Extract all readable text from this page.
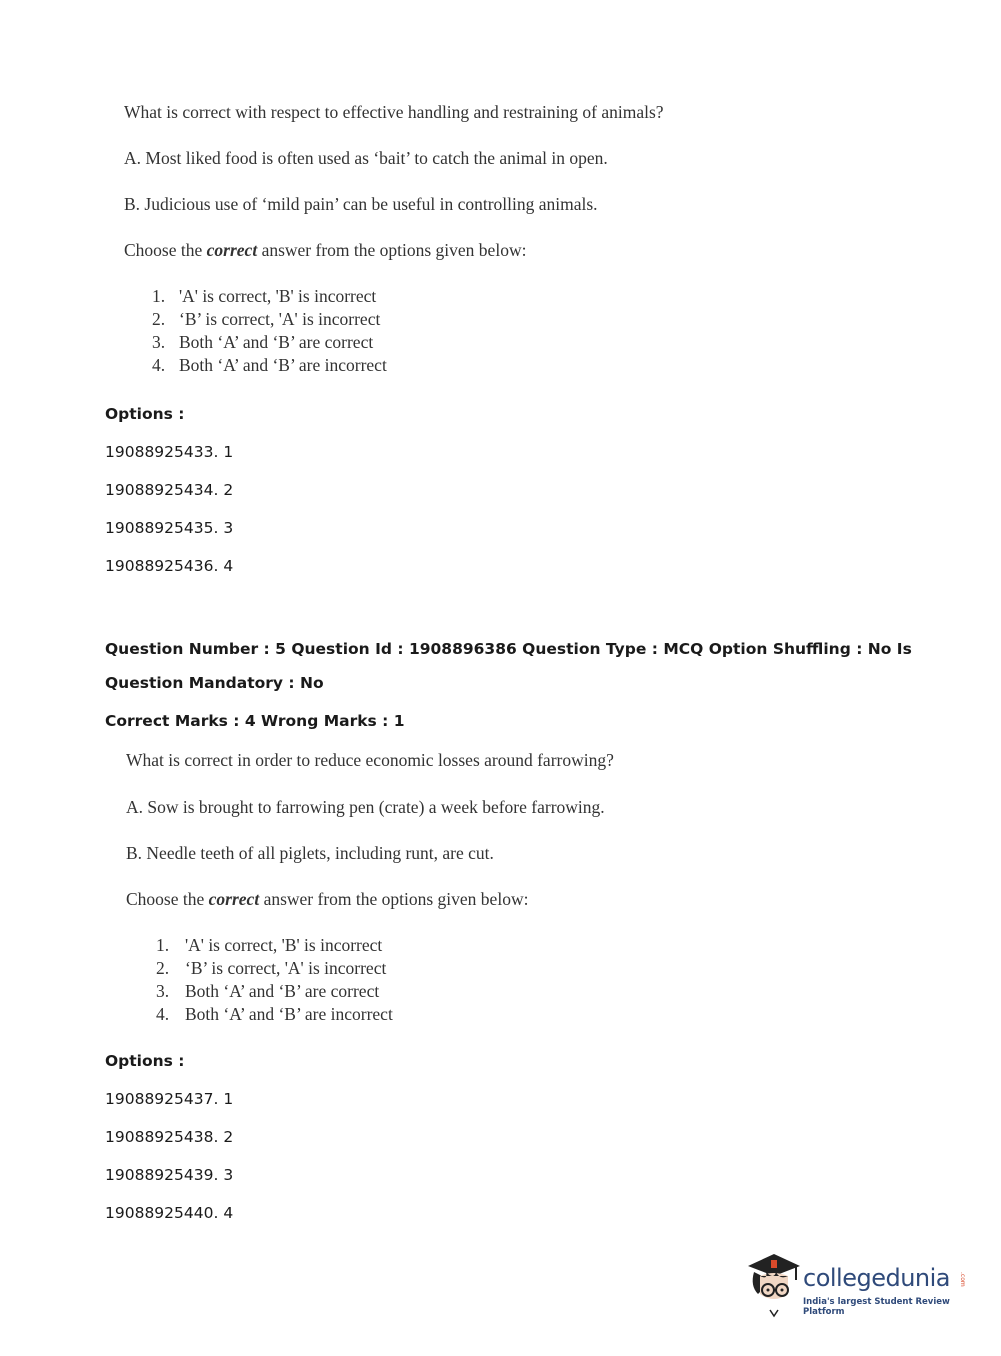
What is correct with respect to effective handling and restraining of animals?
A. Most liked food is often used as ‘bait’ to catch the animal in open.
B. Judicious use of ‘mild pain’ can be useful in controlling animals.
Choose the correct answer from the options given below:
1. 'A' is correct, 'B' is incorrect
2. ‘B’ is correct, 'A' is incorrect
3. Both ‘A’ and ‘B’ are correct
4. Both ‘A’ and ‘B’ are incorrect
Options :
19088925433. 1
19088925434. 2
19088925435. 3
19088925436. 4
Question Number : 5 Question Id : 1908896386 Question Type : MCQ Option Shuffling : No Is
Question Mandatory : No
Correct Marks : 4 Wrong Marks : 1
What is correct in order to reduce economic losses around farrowing?
A. Sow is brought to farrowing pen (crate) a week before farrowing.
B. Needle teeth of all piglets, including runt, are cut.
Choose the correct answer from the options given below:
1. 'A' is correct, 'B' is incorrect
2. ‘B’ is correct, 'A' is incorrect
3. Both ‘A’ and ‘B’ are correct
4. Both ‘A’ and ‘B’ are incorrect
Options :
19088925437. 1
19088925438. 2
19088925439. 3
19088925440. 4
collegedunia .com
India's largest Student Review Platform
